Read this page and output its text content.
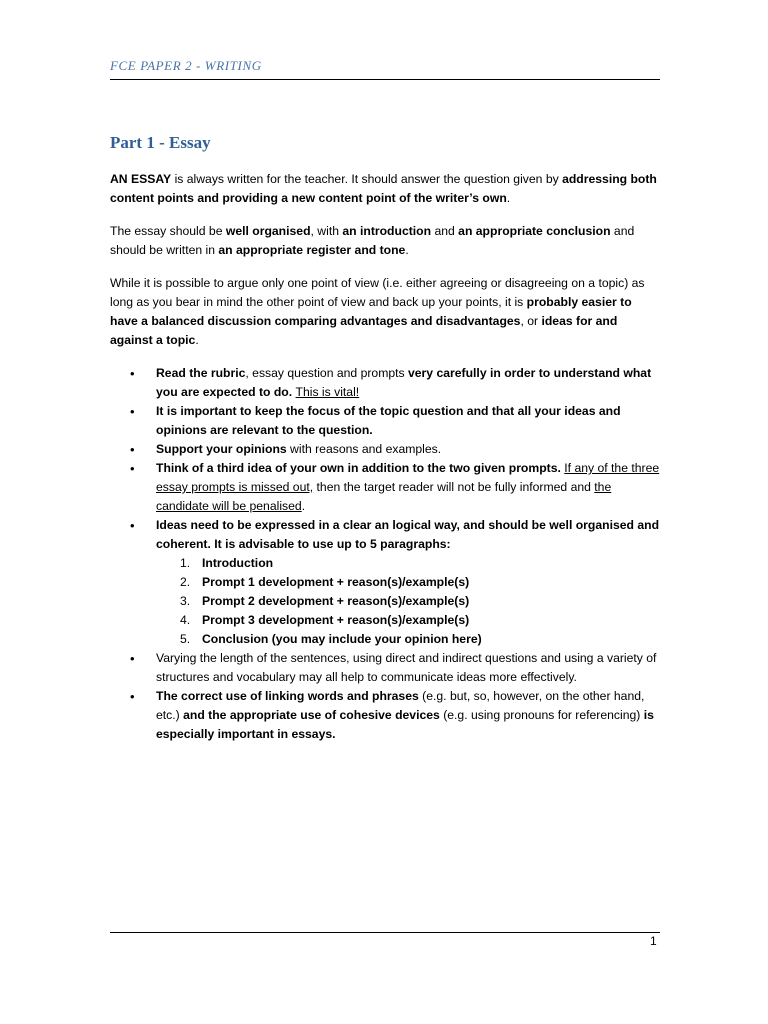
FCE PAPER 2 - WRITING
Part 1 - Essay

AN ESSAY is always written for the teacher. It should answer the question given by addressing both content points and providing a new content point of the writer’s own.

The essay should be well organised, with an introduction and an appropriate conclusion and should be written in an appropriate register and tone.

While it is possible to argue only one point of view (i.e. either agreeing or disagreeing on a topic) as long as you bear in mind the other point of view and back up your points, it is probably easier to have a balanced discussion comparing advantages and disadvantages, or ideas for and against a topic.

• Read the rubric, essay question and prompts very carefully in order to understand what you are expected to do. This is vital!
• It is important to keep the focus of the topic question and that all your ideas and opinions are relevant to the question.
• Support your opinions with reasons and examples.
• Think of a third idea of your own in addition to the two given prompts. If any of the three essay prompts is missed out, then the target reader will not be fully informed and the candidate will be penalised.
• Ideas need to be expressed in a clear an logical way, and should be well organised and coherent. It is advisable to use up to 5 paragraphs:
1. Introduction
2. Prompt 1 development + reason(s)/example(s)
3. Prompt 2 development + reason(s)/example(s)
4. Prompt 3 development + reason(s)/example(s)
5. Conclusion (you may include your opinion here)
• Varying the length of the sentences, using direct and indirect questions and using a variety of structures and vocabulary may all help to communicate ideas more effectively.
• The correct use of linking words and phrases (e.g. but, so, however, on the other hand, etc.) and the appropriate use of cohesive devices (e.g. using pronouns for referencing) is especially important in essays.
1
